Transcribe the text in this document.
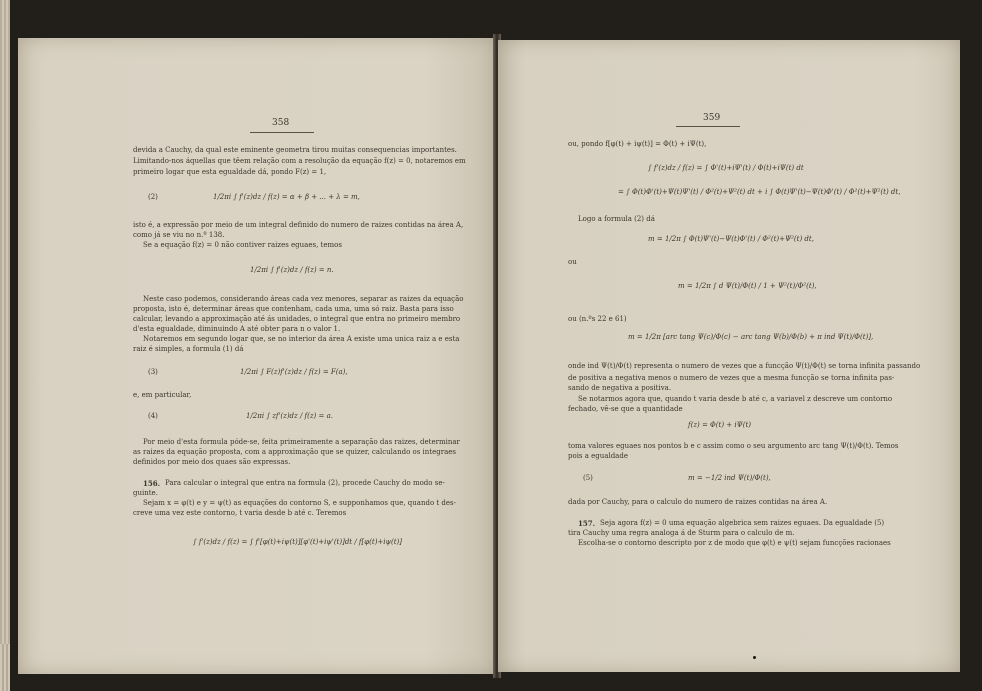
358
devida a Cauchy, da qual este eminente geometra tirou muitas consequencias importantes.
Limitando-nos áquellas que têem relação com a resolução da equação f(z) = 0, notaremos em
primeiro logar que esta egualdade dá, pondo F(z) = 1,
(2)	1/2πi ∫ f'(z)dz / f(z) = α + β + ... + λ = m,
isto é, a expressão por meio de um integral definido do numero de raizes contidas na área A,
como já se viu no n.º 138.
Se a equação f(z) = 0 não contiver raizes eguaes, temos
1/2πi ∫ f'(z)dz / f(z) = n.
Neste caso podemos, considerando áreas cada vez menores, separar as raizes da equação
proposta, isto é, determinar áreas que contenham, cada uma, uma só raiz. Basta para isso
calcular, levando a approximação até ás unidades, o integral que entra no primeiro membro
d'esta egualdade, diminuindo A até obter para n o valor 1.
Notaremos em segundo logar que, se no interior da área A existe uma unica raiz a e esta
raiz é simples, a formula (1) dá
(3)	1/2πi ∫ F(z)f'(z)dz / f(z) = F(a),
e, em particular,
(4)	1/2πi ∫ zf'(z)dz / f(z) = a.
Por meio d'esta formula póde-se, feita primeiramente a separação das raizes, determinar
as raizes da equação proposta, com a approximação que se quizer, calculando os integraes
definidos por meio dos quaes são expressas.
156. Para calcular o integral que entra na formula (2), procede Cauchy do modo se-
guinte.
Sejam x = φ(t) e y = ψ(t) as equações do contorno S, e supponhamos que, quando t des-
creve uma vez este contorno, t varia desde b até c. Teremos
∫ f'(z)dz / f(z) = ∫ f'[φ(t)+iψ(t)][φ'(t)+iψ'(t)]dt / f[φ(t)+iψ(t)]
359
ou, pondo f[φ(t) + iψ(t)] = Φ(t) + iΨ(t),
∫ f'(z)dz / f(z) = ∫ Φ'(t)+iΨ'(t) / Φ(t)+iΨ(t) dt
= ∫ Φ(t)Φ'(t)+Ψ(t)Ψ'(t) / Φ²(t)+Ψ²(t) dt + i ∫ Φ(t)Ψ'(t)−Ψ(t)Φ'(t) / Φ²(t)+Ψ²(t) dt,
Logo a formula (2) dá
m = 1/2π ∫ Φ(t)Ψ'(t)−Ψ(t)Φ'(t) / Φ²(t)+Ψ²(t) dt,
ou
m = 1/2π ∫ d Ψ(t)/Φ(t) / 1 + Ψ²(t)/Φ²(t),
ou (n.ºs 22 e 61)
m = 1/2π [arc tang Ψ(c)/Φ(c) − arc tang Ψ(b)/Φ(b) + π ind Ψ(t)/Φ(t)],
onde ind Ψ(t)/Φ(t) representa o numero de vezes que a funcção Ψ(t)/Φ(t) se torna infinita passando
de positiva a negativa menos o numero de vezes que a mesma funcção se torna infinita pas-
sando de negativa a positiva.
Se notarmos agora que, quando t varia desde b até c, a variavel z descreve um contorno
fechado, vê-se que a quantidade
f(z) = Φ(t) + iΨ(t)
toma valores eguaes nos pontos b e c assim como o seu argumento arc tang Ψ(t)/Φ(t). Temos
pois a egualdade
(5)	m = −1/2 ind Ψ(t)/Φ(t),
dada por Cauchy, para o calculo do numero de raizes contidas na área A.
157. Seja agora f(z) = 0 uma equação algebrica sem raizes eguaes. Da egualdade (5)
tira Cauchy uma regra analoga á de Sturm para o calculo de m.
Escolha-se o contorno descripto por z de modo que φ(t) e ψ(t) sejam funcções racionaes
